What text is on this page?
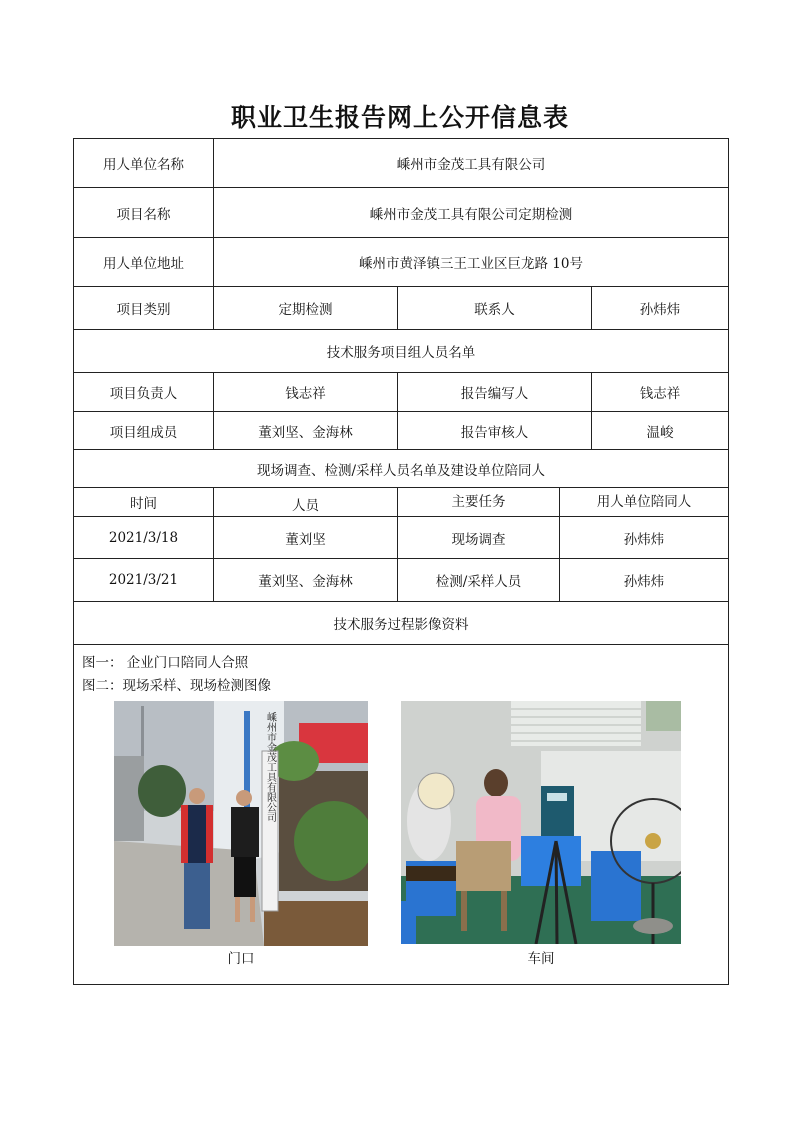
职业卫生报告网上公开信息表
用人单位名称	嵊州市金茂工具有限公司
项目名称	嵊州市金茂工具有限公司定期检测
用人单位地址	嵊州市黄泽镇三王工业区巨龙路 10号
项目类别	定期检测	联系人	孙炜炜
技术服务项目组人员名单
项目负责人	钱志祥	报告编写人	钱志祥
项目组成员	董刘坚、金海林	报告审核人	温峻
现场调查、检测/采样人员名单及建设单位陪同人
时间	人员	主要任务	用人单位陪同人
2021/3/18	董刘坚	现场调查	孙炜炜
2021/3/21	董刘坚、金海林	检测/采样人员	孙炜炜
技术服务过程影像资料
图一： 企业门口陪同人合照
图二：现场采样、现场检测图像
嵊州市金茂工具有限公司
门口	车间
